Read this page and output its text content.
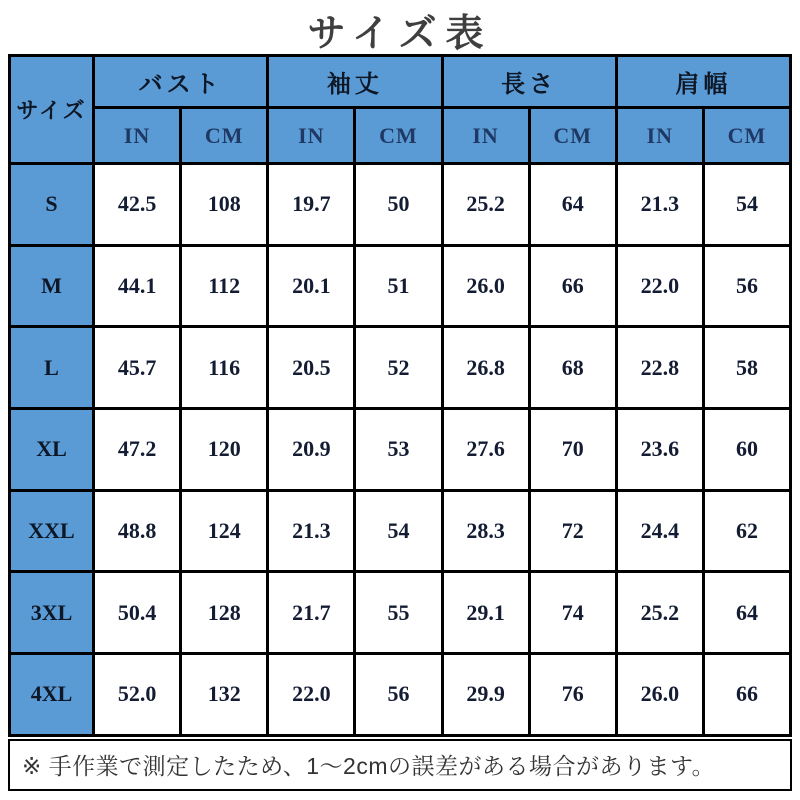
サイズ表
サイズ	バスト		袖丈		長さ		肩幅	
	IN	CM	IN	CM	IN	CM	IN	CM
S	42.5	108	19.7	50	25.2	64	21.3	54
M	44.1	112	20.1	51	26.0	66	22.0	56
L	45.7	116	20.5	52	26.8	68	22.8	58
XL	47.2	120	20.9	53	27.6	70	23.6	60
XXL	48.8	124	21.3	54	28.3	72	24.4	62
3XL	50.4	128	21.7	55	29.1	74	25.2	64
4XL	52.0	132	22.0	56	29.9	76	26.0	66
※ 手作業で測定したため、1〜2cmの誤差がある場合があります。
